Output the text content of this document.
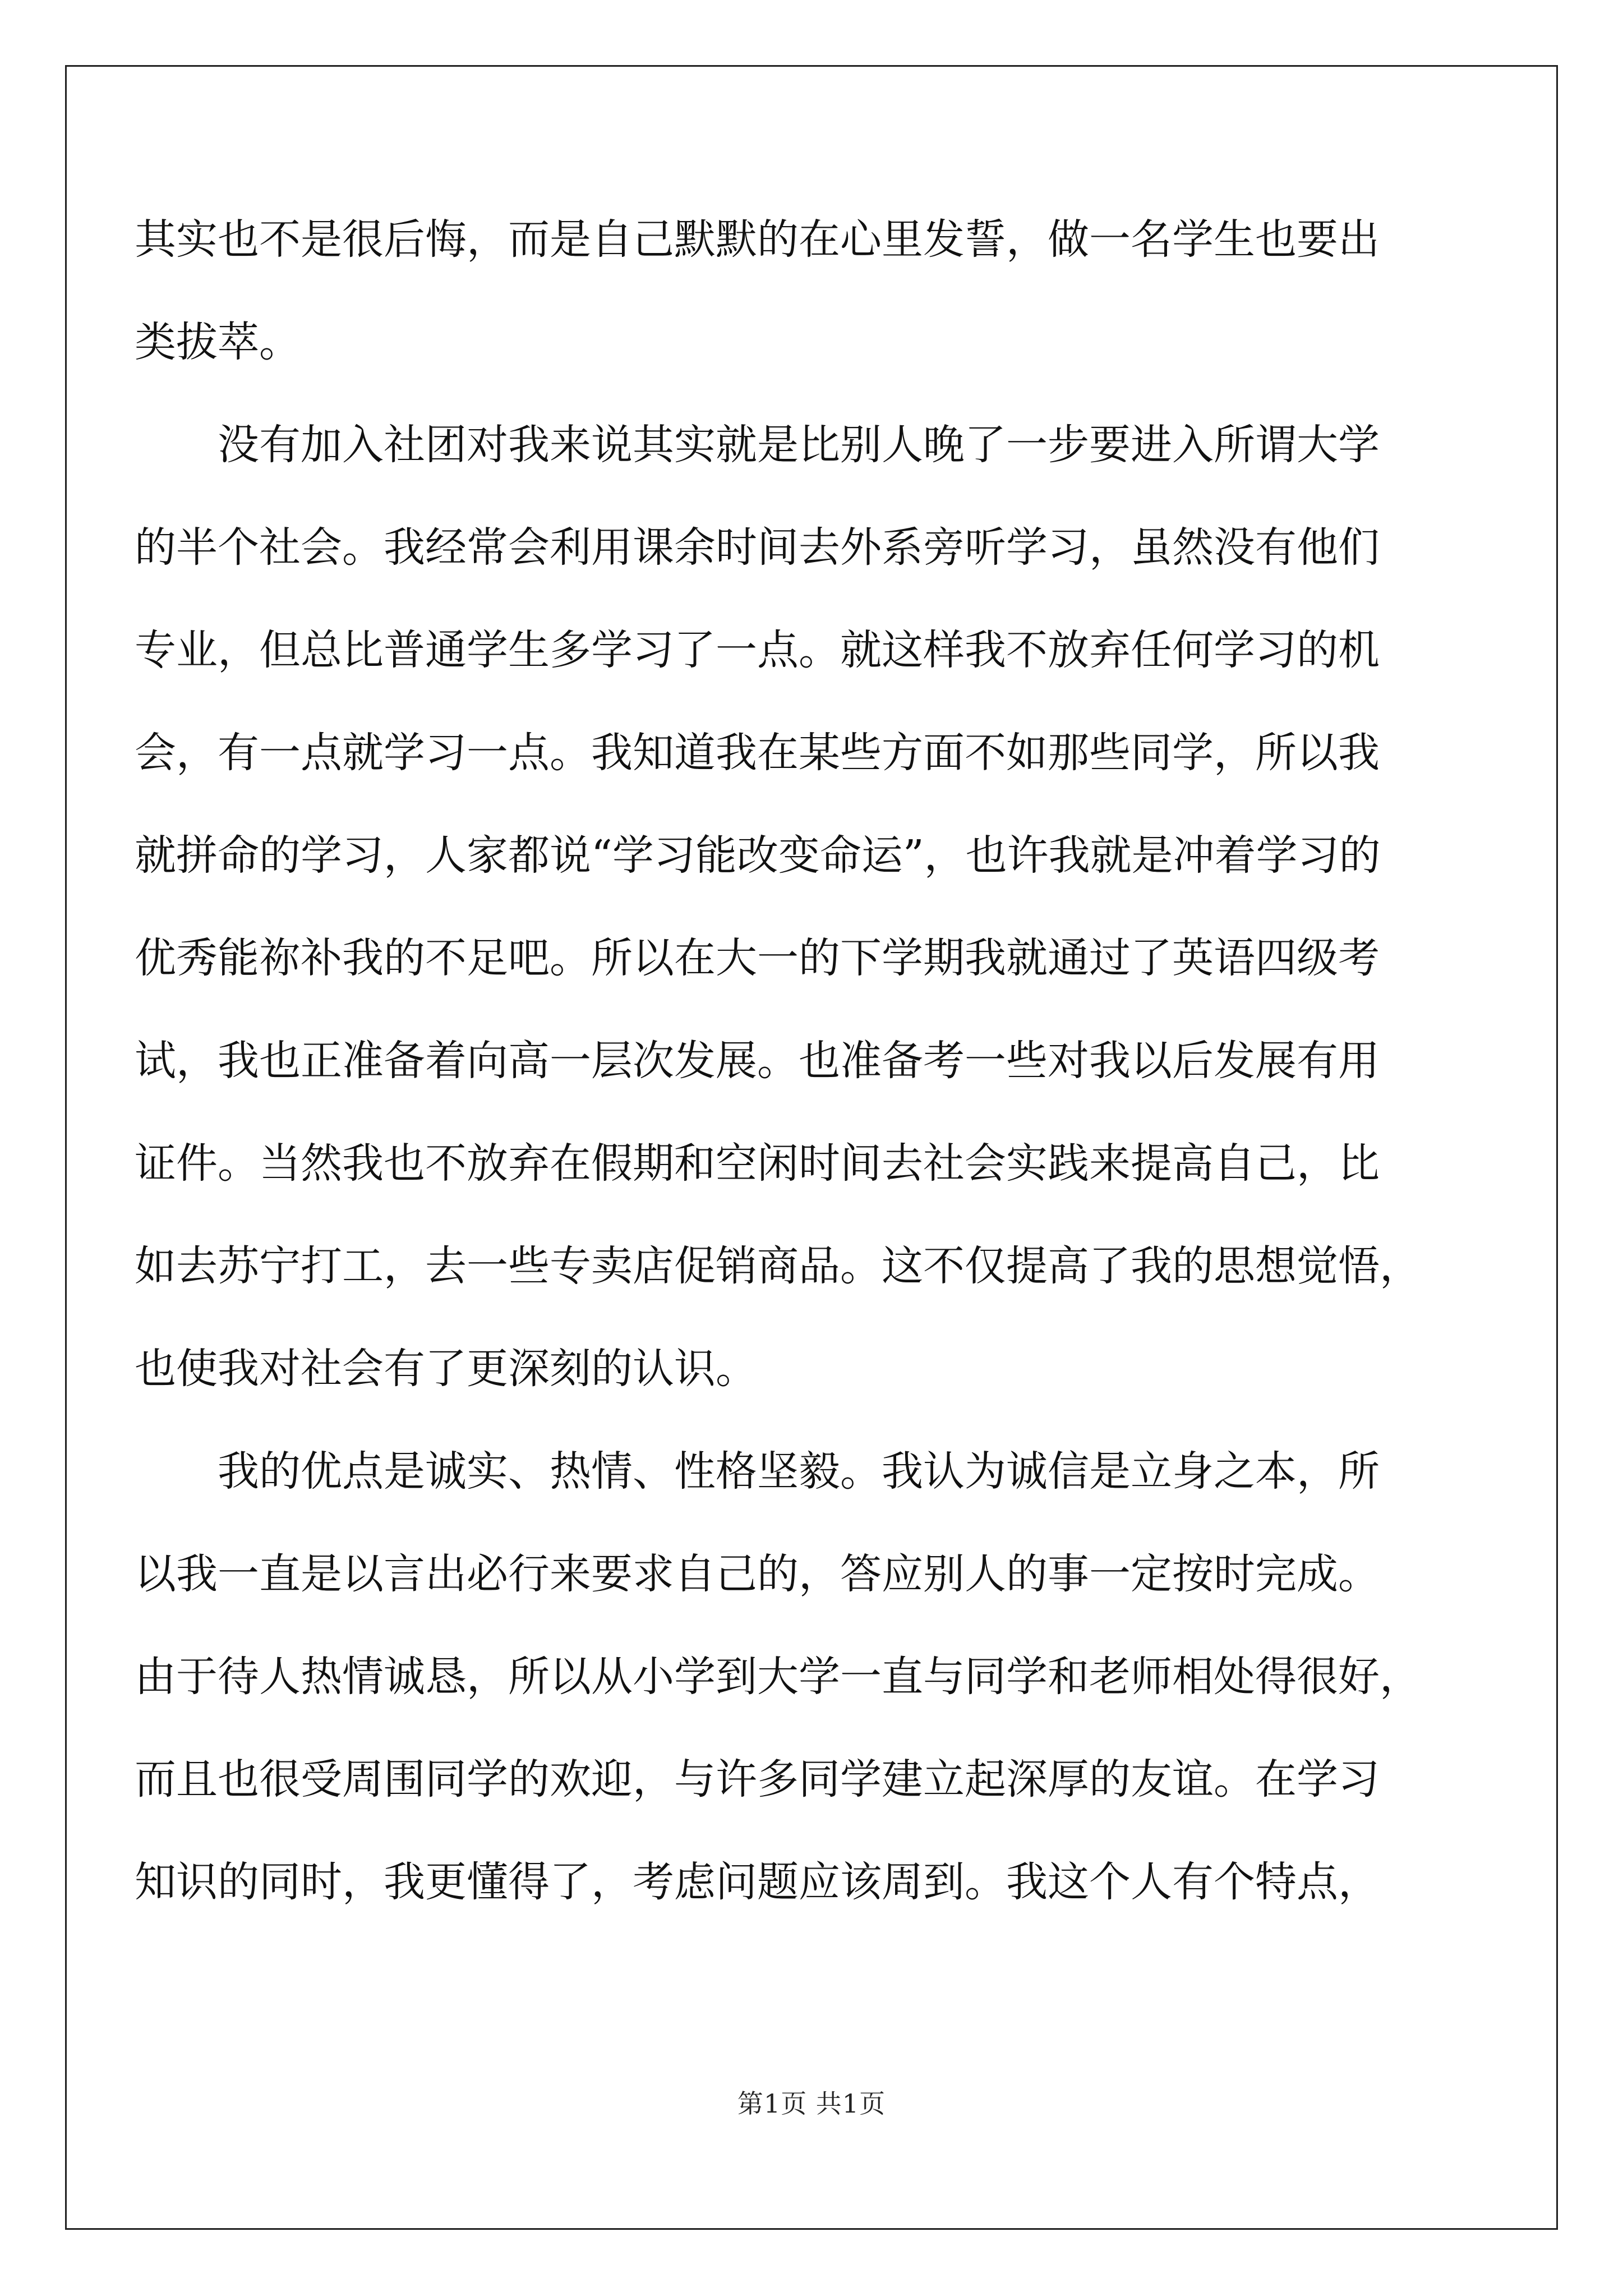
其实也不是很后悔，而是自己默默的在心里发誓，做一名学生也要出
类拔萃。
没有加入社团对我来说其实就是比别人晚了一步要进入所谓大学
的半个社会。我经常会利用课余时间去外系旁听学习，虽然没有他们
专业，但总比普通学生多学习了一点。就这样我不放弃任何学习的机
会，有一点就学习一点。我知道我在某些方面不如那些同学，所以我
就拼命的学习，人家都说“学习能改变命运”，也许我就是冲着学习的
优秀能祢补我的不足吧。所以在大一的下学期我就通过了英语四级考
试，我也正准备着向高一层次发展。也准备考一些对我以后发展有用
证件。当然我也不放弃在假期和空闲时间去社会实践来提高自己，比
如去苏宁打工，去一些专卖店促销商品。这不仅提高了我的思想觉悟，
也使我对社会有了更深刻的认识。
我的优点是诚实、热情、性格坚毅。我认为诚信是立身之本，所
以我一直是以言出必行来要求自己的，答应别人的事一定按时完成。
由于待人热情诚恳，所以从小学到大学一直与同学和老师相处得很好，
而且也很受周围同学的欢迎，与许多同学建立起深厚的友谊。在学习
知识的同时，我更懂得了，考虑问题应该周到。我这个人有个特点，
第1页 共1页
